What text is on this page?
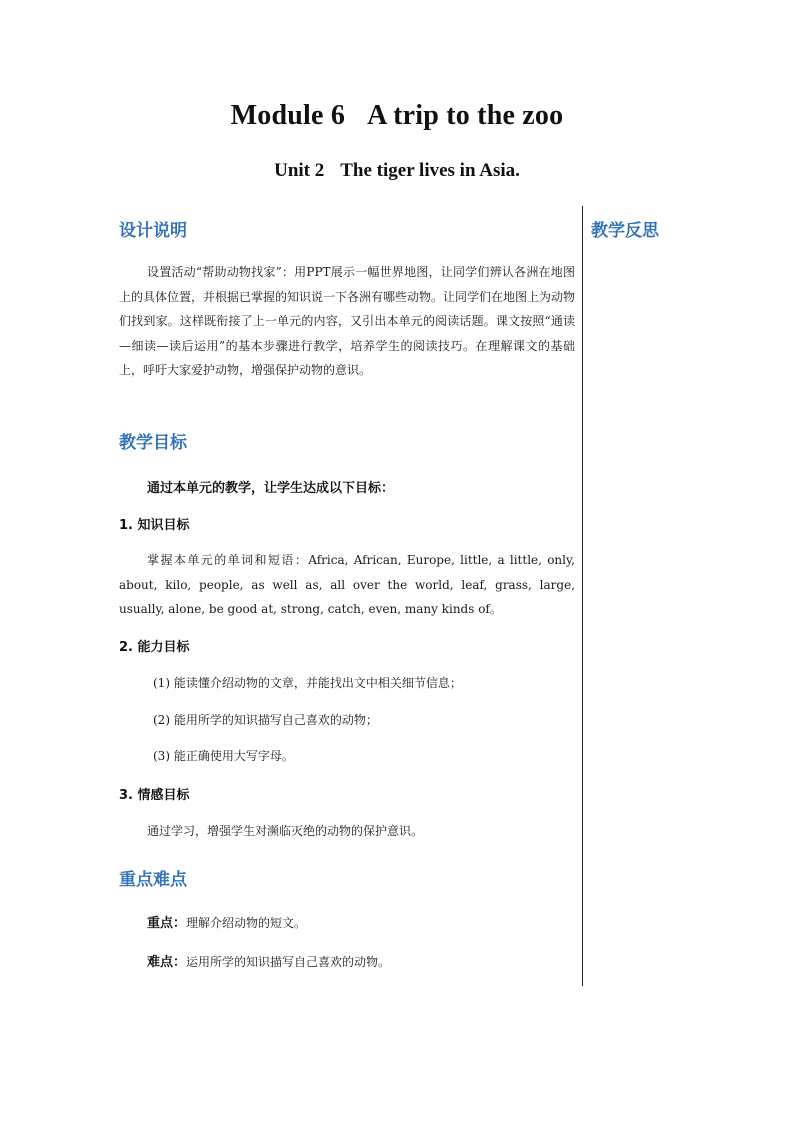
Module 6 A trip to the zoo
Unit 2 The tiger lives in Asia.
教学反思
设计说明
设置活动“帮助动物找家”：用PPT展示一幅世界地图，让同学们辨认各洲在地图上的具体位置，并根据已掌握的知识说一下各洲有哪些动物。让同学们在地图上为动物们找到家。这样既衔接了上一单元的内容，又引出本单元的阅读话题。课文按照“通读—细读—读后运用”的基本步骤进行教学，培养学生的阅读技巧。在理解课文的基础上，呼吁大家爱护动物，增强保护动物的意识。
教学目标
通过本单元的教学，让学生达成以下目标：
1. 知识目标
掌握本单元的单词和短语：Africa, African, Europe, little, a little, only, about, kilo, people, as well as, all over the world, leaf, grass, large, usually, alone, be good at, strong, catch, even, many kinds of。
2. 能力目标
(1) 能读懂介绍动物的文章，并能找出文中相关细节信息；
(2) 能用所学的知识描写自己喜欢的动物；
(3) 能正确使用大写字母。
3. 情感目标
通过学习，增强学生对濒临灭绝的动物的保护意识。
重点难点
重点：理解介绍动物的短文。
难点：运用所学的知识描写自己喜欢的动物。
